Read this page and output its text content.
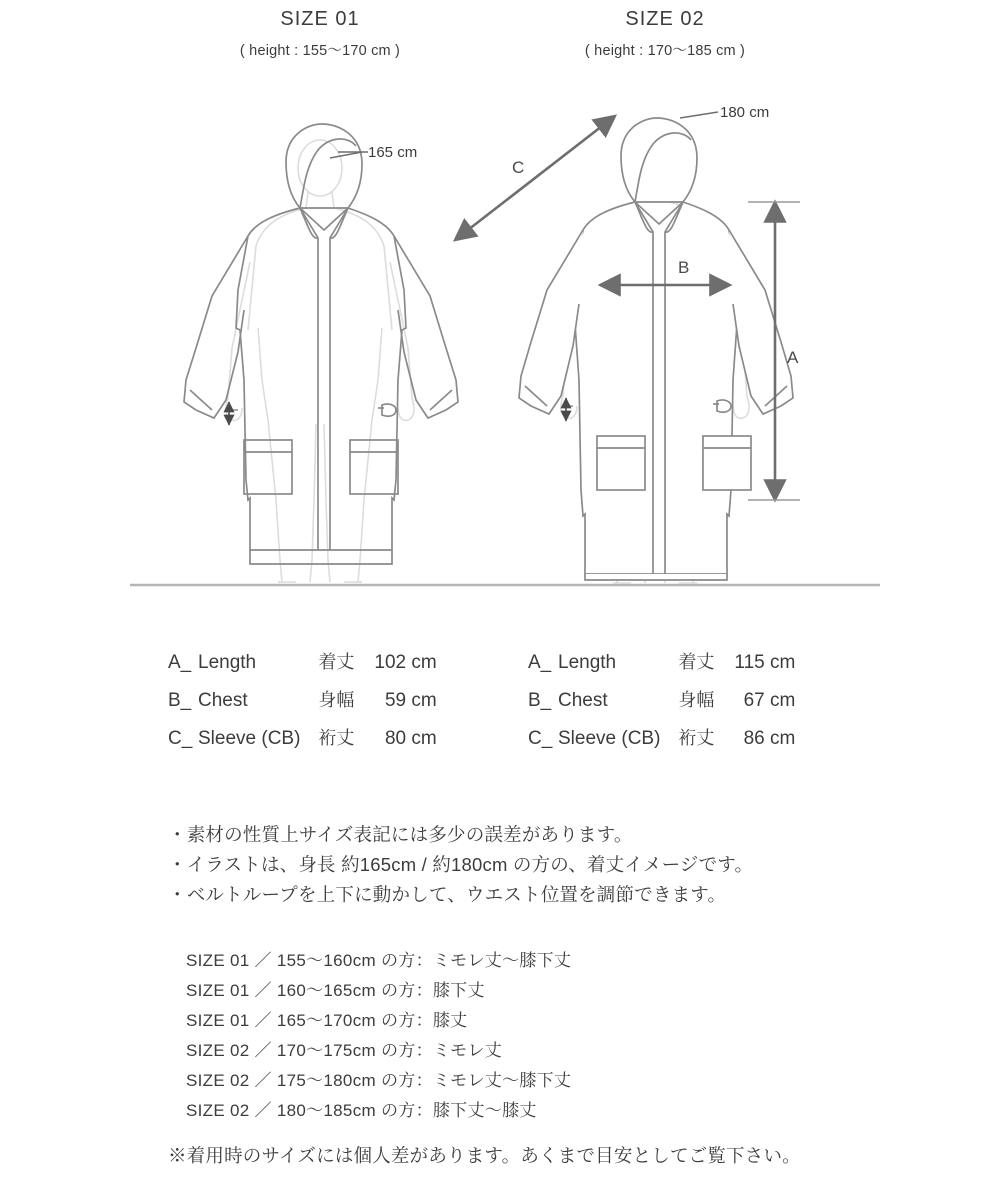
SIZE 01
( height : 155〜170 cm )
SIZE 02
( height : 170〜185 cm )
165 cm
180 cm
C
B
A
A_	Length	着丈	102 cm
B_	Chest	身幅	59 cm
C_	Sleeve (CB)	裄丈	80 cm
A_	Length	着丈	115 cm
B_	Chest	身幅	67 cm
C_	Sleeve (CB)	裄丈	86 cm
・素材の性質上サイズ表記には多少の誤差があります。
・イラストは、身長 約165cm / 約180cm の方の、着丈イメージです。
・ベルトループを上下に動かして、ウエスト位置を調節できます。
SIZE 01 ／ 155〜160cm の方：ミモレ丈〜膝下丈
SIZE 01 ／ 160〜165cm の方：膝下丈
SIZE 01 ／ 165〜170cm の方：膝丈
SIZE 02 ／ 170〜175cm の方：ミモレ丈
SIZE 02 ／ 175〜180cm の方：ミモレ丈〜膝下丈
SIZE 02 ／ 180〜185cm の方：膝下丈〜膝丈
※着用時のサイズには個人差があります。あくまで目安としてご覧下さい。
